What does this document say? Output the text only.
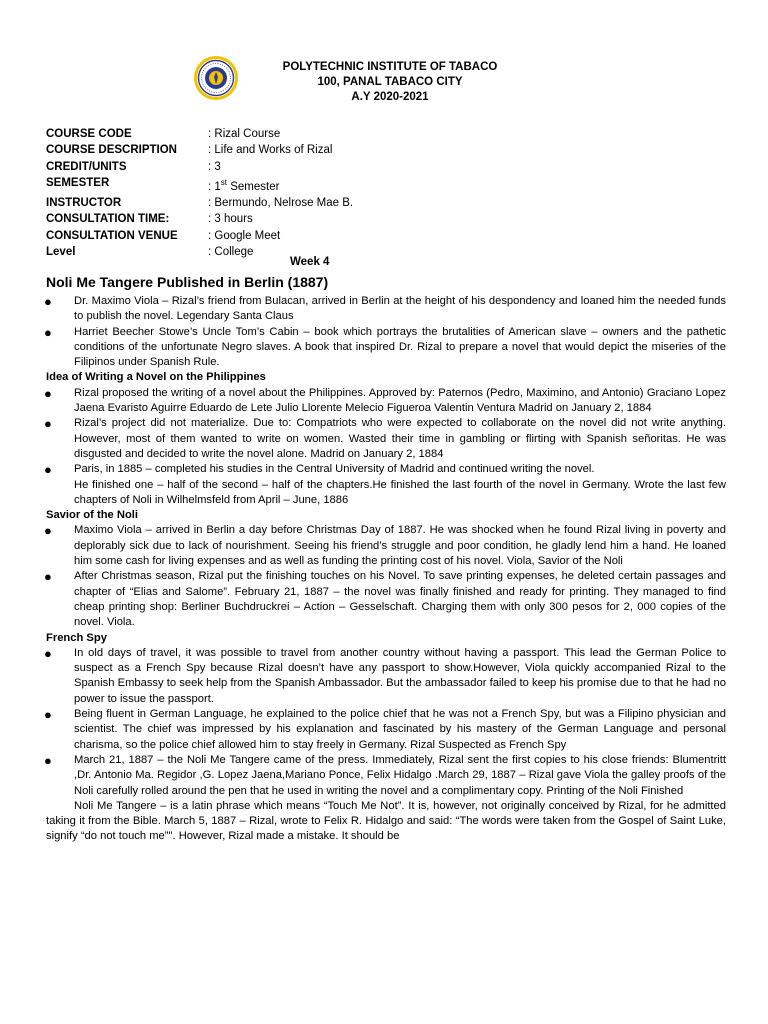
POLYTECHNIC INSTITUTE OF TABACO
100, PANAL TABACO CITY
A.Y 2020-2021
COURSE CODE	: Rizal Course
COURSE DESCRIPTION	: Life and Works of Rizal
CREDIT/UNITS	: 3
SEMESTER	: 1st Semester
INSTRUCTOR	: Bermundo, Nelrose Mae B.
CONSULTATION TIME:	: 3 hours
CONSULTATION VENUE	: Google Meet
Level	: College
Week 4
Noli Me Tangere Published in Berlin (1887)
● Dr. Maximo Viola – Rizal’s friend from Bulacan, arrived in Berlin at the height of his despondency and loaned him the needed funds to publish the novel. Legendary Santa Claus
● Harriet Beecher Stowe’s Uncle Tom’s Cabin – book which portrays the brutalities of American slave – owners and the pathetic conditions of the unfortunate Negro slaves. A book that inspired Dr. Rizal to prepare a novel that would depict the miseries of the Filipinos under Spanish Rule.
Idea of Writing a Novel on the Philippines
● Rizal proposed the writing of a novel about the Philippines. Approved by: Paternos (Pedro, Maximino, and Antonio) Graciano Lopez Jaena Evaristo Aguirre Eduardo de Lete Julio Llorente Melecio Figueroa Valentin Ventura Madrid on January 2, 1884
● Rizal’s project did not materialize. Due to: Compatriots who were expected to collaborate on the novel did not write anything. However, most of them wanted to write on women. Wasted their time in gambling or flirting with Spanish señoritas. He was disgusted and decided to write the novel alone. Madrid on January 2, 1884
● Paris, in 1885 – completed his studies in the Central University of Madrid and continued writing the novel.
He finished one – half of the second – half of the chapters.He finished the last fourth of the novel in Germany. Wrote the last few chapters of Noli in Wilhelmsfeld from April – June, 1886
Savior of the Noli
● Maximo Viola – arrived in Berlin a day before Christmas Day of 1887. He was shocked when he found Rizal living in poverty and deplorably sick due to lack of nourishment. Seeing his friend’s struggle and poor condition, he gladly lend him a hand. He loaned him some cash for living expenses and as well as funding the printing cost of his novel. Viola, Savior of the Noli
● After Christmas season, Rizal put the finishing touches on his Novel. To save printing expenses, he deleted certain passages and chapter of “Elias and Salome”. February 21, 1887 – the novel was finally finished and ready for printing. They managed to find cheap printing shop: Berliner Buchdruckrei – Action – Gesselschaft. Charging them with only 300 pesos for 2, 000 copies of the novel. Viola.
French Spy
● In old days of travel, it was possible to travel from another country without having a passport. This lead the German Police to suspect as a French Spy because Rizal doesn’t have any passport to show.However, Viola quickly accompanied Rizal to the Spanish Embassy to seek help from the Spanish Ambassador. But the ambassador failed to keep his promise due to that he had no power to issue the passport.
● Being fluent in German Language, he explained to the police chief that he was not a French Spy, but was a Filipino physician and scientist. The chief was impressed by his explanation and fascinated by his mastery of the German Language and personal charisma, so the police chief allowed him to stay freely in Germany. Rizal Suspected as French Spy
● March 21, 1887 – the Noli Me Tangere came of the press. Immediately, Rizal sent the first copies to his close friends: Blumentritt ,Dr. Antonio Ma. Regidor ,G. Lopez Jaena,Mariano Ponce, Felix Hidalgo .March 29, 1887 – Rizal gave Viola the galley proofs of the Noli carefully rolled around the pen that he used in writing the novel and a complimentary copy. Printing of the Noli Finished
Noli Me Tangere – is a latin phrase which means “Touch Me Not”. It is, however, not originally conceived by Rizal, for he admitted taking it from the Bible. March 5, 1887 – Rizal, wrote to Felix R. Hidalgo and said: “The words were taken from the Gospel of Saint Luke, signify “do not touch me”". However, Rizal made a mistake. It should be
